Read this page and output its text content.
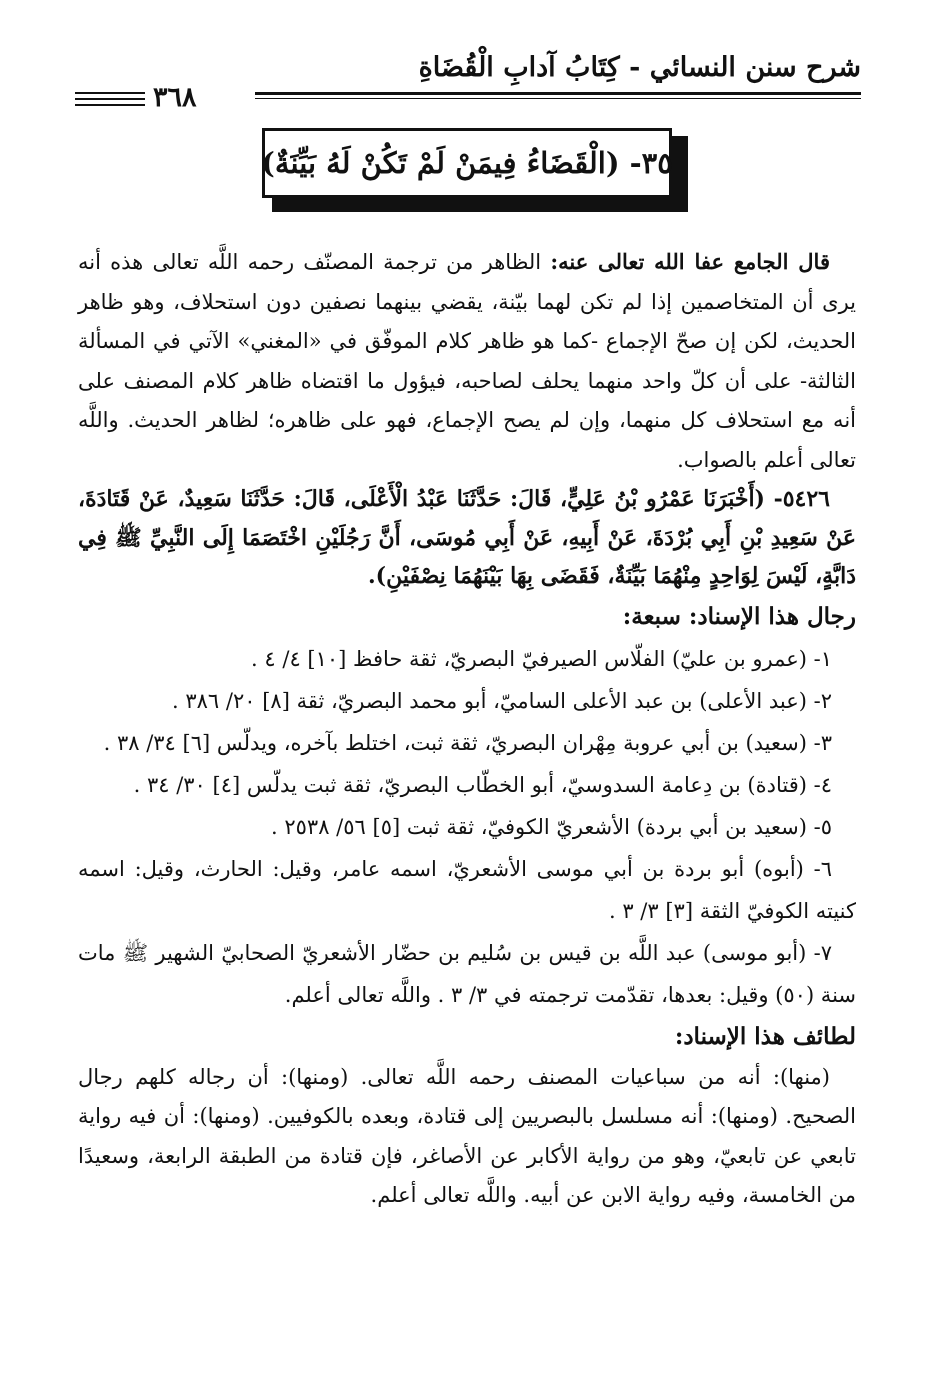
شرح سنن النسائي - كِتَابُ آدابِ الْقُضَاةِ
٣٦٨
٣٥- (الْقَضَاءُ فِيمَنْ لَمْ تَكُنْ لَهُ بَيِّنَةٌ)

قال الجامع عفا الله تعالى عنه: الظاهر من ترجمة المصنّف رحمه اللَّه تعالى هذه أنه يرى أن المتخاصمين إذا لم تكن لهما بيّنة، يقضي بينهما نصفين دون استحلاف، وهو ظاهر الحديث، لكن إن صحّ الإجماع -كما هو ظاهر كلام الموفّق في «المغني» الآتي في المسألة الثالثة- على أن كلّ واحد منهما يحلف لصاحبه، فيؤول ما اقتضاه ظاهر كلام المصنف على أنه مع استحلاف كل منهما، وإن لم يصح الإجماع، فهو على ظاهره؛ لظاهر الحديث. واللَّه تعالى أعلم بالصواب.

٥٤٢٦- (أَخْبَرَنَا عَمْرُو بْنُ عَلِيٍّ، قَالَ: حَدَّثَنَا عَبْدُ الْأَعْلَى، قَالَ: حَدَّثَنَا سَعِيدٌ، عَنْ قَتَادَةَ، عَنْ سَعِيدِ بْنِ أَبِي بُرْدَةَ، عَنْ أَبِيهِ، عَنْ أَبِي مُوسَى، أَنَّ رَجُلَيْنِ اخْتَصَمَا إِلَى النَّبِيِّ ﷺ فِي دَابَّةٍ، لَيْسَ لِوَاحِدٍ مِنْهُمَا بَيِّنَةٌ، فَقَضَى بِهَا بَيْنَهُمَا نِصْفَيْنِ).

رجال هذا الإسناد: سبعة:

١- (عمرو بن عليّ) الفلّاس الصيرفيّ البصريّ، ثقة حافظ [١٠] ٤/ ٤ .

٢- (عبد الأعلى) بن عبد الأعلى الساميّ، أبو محمد البصريّ، ثقة [٨] ٢٠/ ٣٨٦ .

٣- (سعيد) بن أبي عروبة مِهْران البصريّ، ثقة ثبت، اختلط بآخره، ويدلّس [٦] ٣٤/ ٣٨ .

٤- (قتادة) بن دِعامة السدوسيّ، أبو الخطّاب البصريّ، ثقة ثبت يدلّس [٤] ٣٠/ ٣٤ .

٥- (سعيد بن أبي بردة) الأشعريّ الكوفيّ، ثقة ثبت [٥] ٥٦/ ٢٥٣٨ .

٦- (أبوه) أبو بردة بن أبي موسى الأشعريّ، اسمه عامر، وقيل: الحارث، وقيل: اسمه كنيته الكوفيّ الثقة [٣] ٣/ ٣ .

٧- (أبو موسى) عبد اللَّه بن قيس بن سُليم بن حضّار الأشعريّ الصحابيّ الشهير ﷺ مات سنة (٥٠) وقيل: بعدها، تقدّمت ترجمته في ٣/ ٣ . واللَّه تعالى أعلم.

لطائف هذا الإسناد:

(منها): أنه من سباعيات المصنف رحمه اللَّه تعالى. (ومنها): أن رجاله كلهم رجال الصحيح. (ومنها): أنه مسلسل بالبصريين إلى قتادة، وبعده بالكوفيين. (ومنها): أن فيه رواية تابعي عن تابعيّ، وهو من رواية الأكابر عن الأصاغر، فإن قتادة من الطبقة الرابعة، وسعيدًا من الخامسة، وفيه رواية الابن عن أبيه. واللَّه تعالى أعلم.
